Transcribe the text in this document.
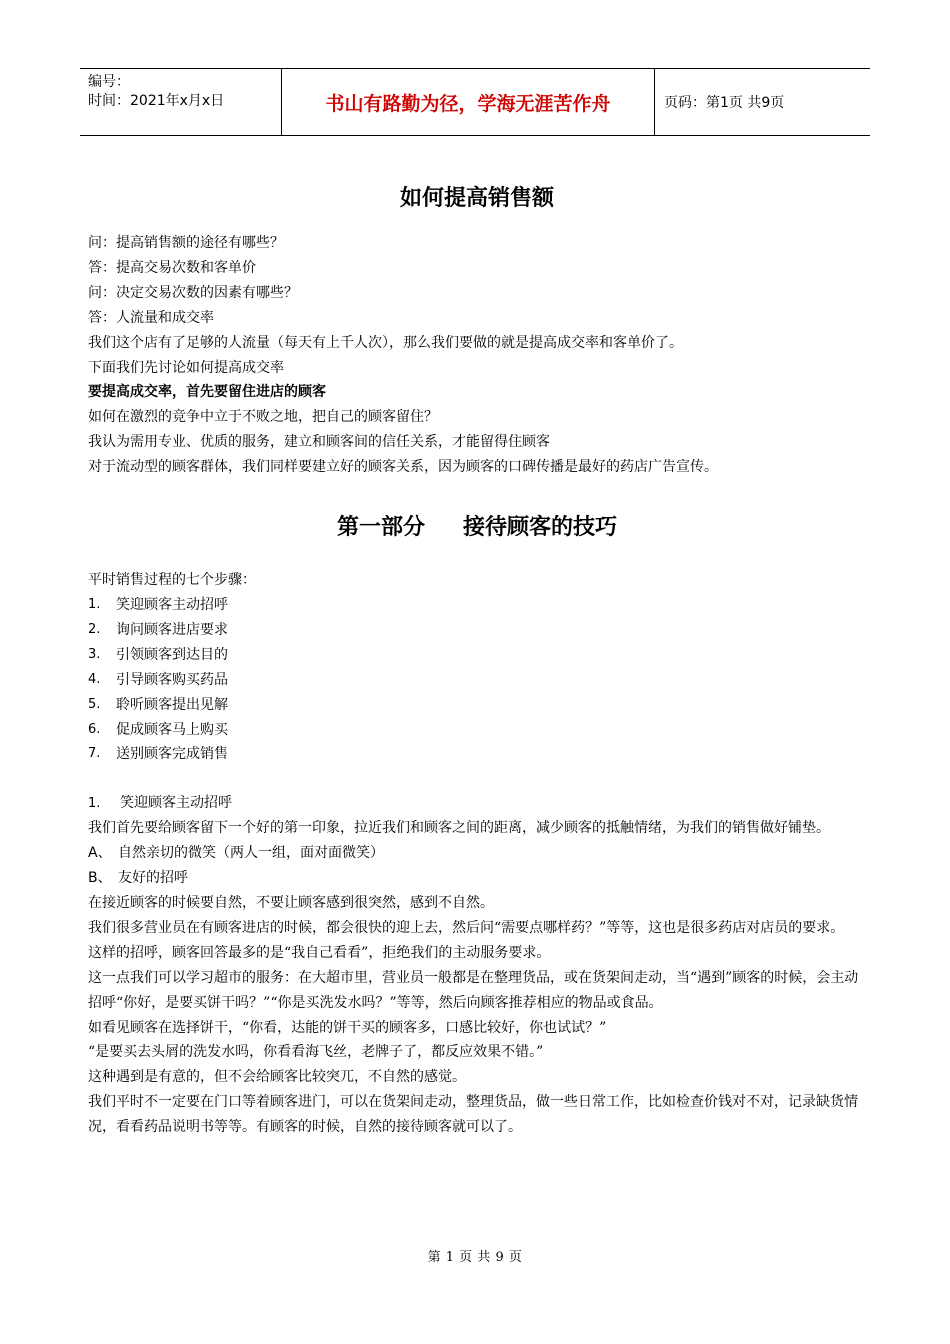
编号：
时间：2021年x月x日	书山有路勤为径，学海无涯苦作舟	页码：第1页 共9页
如何提高销售额

问：提高销售额的途径有哪些？

答：提高交易次数和客单价

问：决定交易次数的因素有哪些？

答：人流量和成交率

我们这个店有了足够的人流量（每天有上千人次），那么我们要做的就是提高成交率和客单价了。

下面我们先讨论如何提高成交率

要提高成交率，首先要留住进店的顾客

如何在激烈的竞争中立于不败之地，把自己的顾客留住？

我认为需用专业、优质的服务，建立和顾客间的信任关系，才能留得住顾客

对于流动型的顾客群体，我们同样要建立好的顾客关系，因为顾客的口碑传播是最好的药店广告宣传。

第一部分 接待顾客的技巧

平时销售过程的七个步骤：

1.	笑迎顾客主动招呼
2.	询问顾客进店要求
3.	引领顾客到达目的
4.	引导顾客购买药品
5.	聆听顾客提出见解
6.	促成顾客马上购买
7.	送别顾客完成销售
1.	笑迎顾客主动招呼

我们首先要给顾客留下一个好的第一印象，拉近我们和顾客之间的距离，减少顾客的抵触情绪，为我们的销售做好铺垫。

A、 自然亲切的微笑（两人一组，面对面微笑）

B、 友好的招呼

在接近顾客的时候要自然，不要让顾客感到很突然，感到不自然。

我们很多营业员在有顾客进店的时候，都会很快的迎上去，然后问“需要点哪样药？”等等，这也是很多药店对店员的要求。

这样的招呼，顾客回答最多的是“我自己看看”，拒绝我们的主动服务要求。

这一点我们可以学习超市的服务：在大超市里，营业员一般都是在整理货品，或在货架间走动，当“遇到”顾客的时候，会主动招呼“你好，是要买饼干吗？”“你是买洗发水吗？”等等，然后向顾客推荐相应的物品或食品。

如看见顾客在选择饼干，“你看，达能的饼干买的顾客多，口感比较好，你也试试？”

“是要买去头屑的洗发水吗，你看看海飞丝，老牌子了，都反应效果不错。”

这种遇到是有意的，但不会给顾客比较突兀，不自然的感觉。

我们平时不一定要在门口等着顾客进门，可以在货架间走动，整理货品，做一些日常工作，比如检查价钱对不对，记录缺货情况，看看药品说明书等等。有顾客的时候，自然的接待顾客就可以了。

第 1 页 共 9 页
